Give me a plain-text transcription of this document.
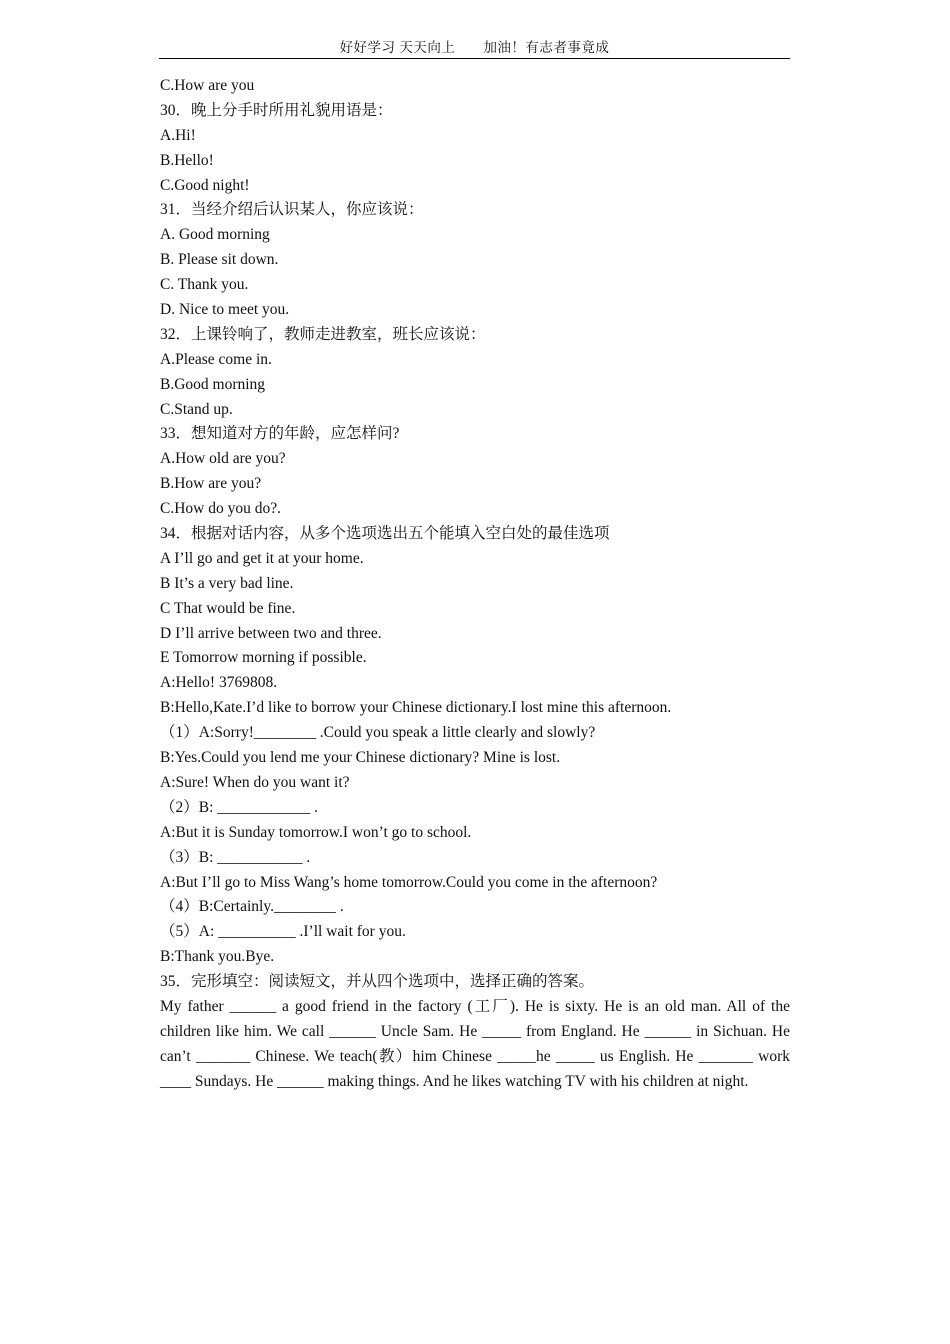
好好学习 天天向上 加油！有志者事竟成
C.How are you
30．晚上分手时所用礼貌用语是：
A.Hi!
B.Hello!
C.Good night!
31．当经介绍后认识某人，你应该说：
A. Good morning
B. Please sit down.
C. Thank you.
D. Nice to meet you.
32．上课铃响了，教师走进教室，班长应该说：
A.Please come in.
B.Good morning
C.Stand up.
33．想知道对方的年龄，应怎样问?
A.How old are you?
B.How are you?
C.How do you do?.
34．根据对话内容，从多个选项选出五个能填入空白处的最佳选项
A I’ll go and get it at your home.
B It’s a very bad line.
C That would be fine.
D I’ll arrive between two and three.
E Tomorrow morning if possible.
A:Hello! 3769808.
B:Hello,Kate.I’d like to borrow your Chinese dictionary.I lost mine this afternoon.
（1）A:Sorry!________ .Could you speak a little clearly and slowly?
B:Yes.Could you lend me your Chinese dictionary? Mine is lost.
A:Sure! When do you want it?
（2）B: ____________ .
A:But it is Sunday tomorrow.I won’t go to school.
（3）B: ___________ .
A:But I’ll go to Miss Wang’s home tomorrow.Could you come in the afternoon?
（4）B:Certainly.________ .
（5）A: __________ .I’ll wait for you.
B:Thank you.Bye.
35．完形填空：阅读短文，并从四个选项中，选择正确的答案。

My father ______ a good friend in the factory (工厂). He is sixty. He is an old man. All of the children like him. We call ______ Uncle Sam. He _____ from England. He ______ in Sichuan. He can’t _______ Chinese. We teach(教）him Chinese _____he _____ us English. He _______ work ____ Sundays. He ______ making things. And he likes watching TV with his children at night.
